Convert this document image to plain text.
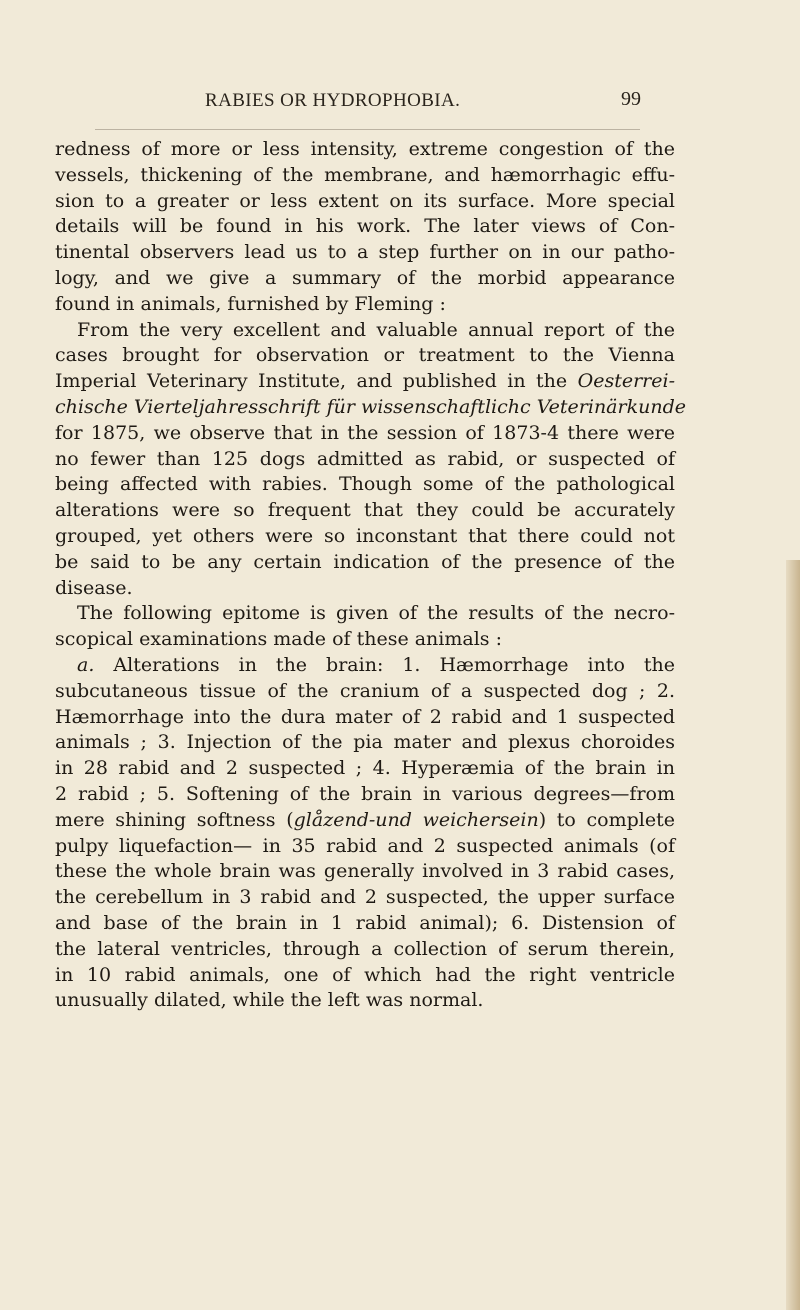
RABIES OR HYDROPHOBIA.	99
redness of more or less intensity, extreme congestion of the
vessels, thickening of the membrane, and hæmorrhagic effu-
sion to a greater or less extent on its surface. More special
details will be found in his work. The later views of Con-
tinental observers lead us to a step further on in our patho-
logy, and we give a summary of the morbid appearance
found in animals, furnished by Fleming :
From the very excellent and valuable annual report of the
cases brought for observation or treatment to the Vienna
Imperial Veterinary Institute, and published in the Oesterrei-
chische Vierteljahresschrift für wissenschaftlichc Veterinärkunde
for 1875, we observe that in the session of 1873-4 there were
no fewer than 125 dogs admitted as rabid, or suspected of
being affected with rabies. Though some of the pathological
alterations were so frequent that they could be accurately
grouped, yet others were so inconstant that there could not
be said to be any certain indication of the presence of the
disease.
The following epitome is given of the results of the necro-
scopical examinations made of these animals :
a. Alterations in the brain: 1. Hæmorrhage into the
subcutaneous tissue of the cranium of a suspected dog ; 2.
Hæmorrhage into the dura mater of 2 rabid and 1 suspected
animals ; 3. Injection of the pia mater and plexus choroides
in 28 rabid and 2 suspected ; 4. Hyperæmia of the brain in
2 rabid ; 5. Softening of the brain in various degrees—from
mere shining softness (glåzend-und weichersein) to complete
pulpy liquefaction— in 35 rabid and 2 suspected animals (of
these the whole brain was generally involved in 3 rabid cases,
the cerebellum in 3 rabid and 2 suspected, the upper surface
and base of the brain in 1 rabid animal); 6. Distension of
the lateral ventricles, through a collection of serum therein,
in 10 rabid animals, one of which had the right ventricle
unusually dilated, while the left was normal.
